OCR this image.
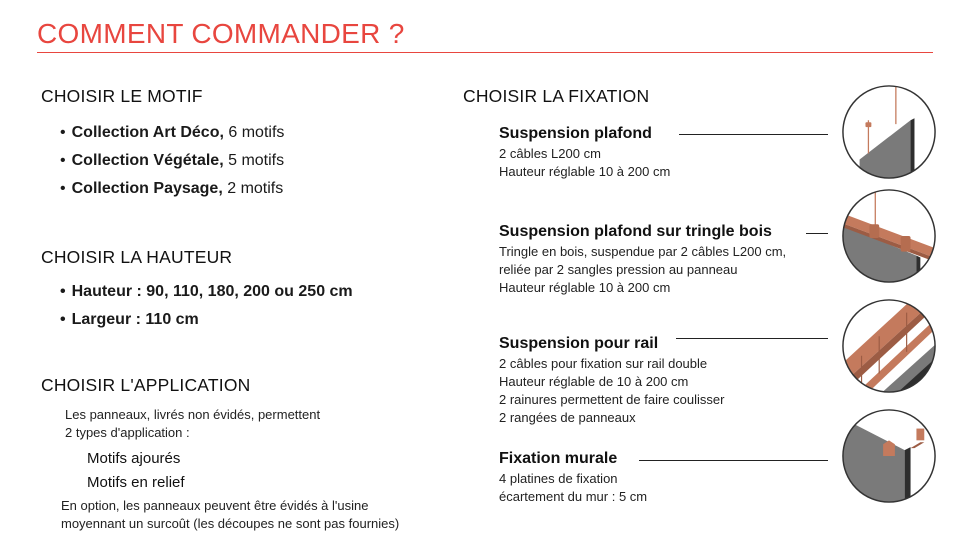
COMMENT COMMANDER ?
CHOISIR LE MOTIF
• Collection Art Déco, 6 motifs
• Collection Végétale, 5 motifs
• Collection Paysage, 2 motifs
CHOISIR LA HAUTEUR
• Hauteur : 90, 110, 180, 200 ou 250 cm
• Largeur : 110 cm
CHOISIR L'APPLICATION
Les panneaux, livrés non évidés, permettent
2 types d'application :
Motifs ajourés
Motifs en relief
En option, les panneaux peuvent être évidés à l'usine
moyennant un surcoût (les découpes ne sont pas fournies)
CHOISIR LA FIXATION
Suspension plafond
2 câbles L200 cm
Hauteur réglable 10 à 200 cm
Suspension plafond sur tringle bois
Tringle en bois, suspendue par 2 câbles L200 cm,
reliée par 2 sangles pression au panneau
Hauteur réglable 10 à 200 cm
Suspension pour rail
2 câbles pour fixation sur rail double
Hauteur réglable de 10 à 200 cm
2 rainures permettent de faire coulisser
2 rangées de panneaux
Fixation murale
4 platines de fixation
écartement du mur : 5 cm
